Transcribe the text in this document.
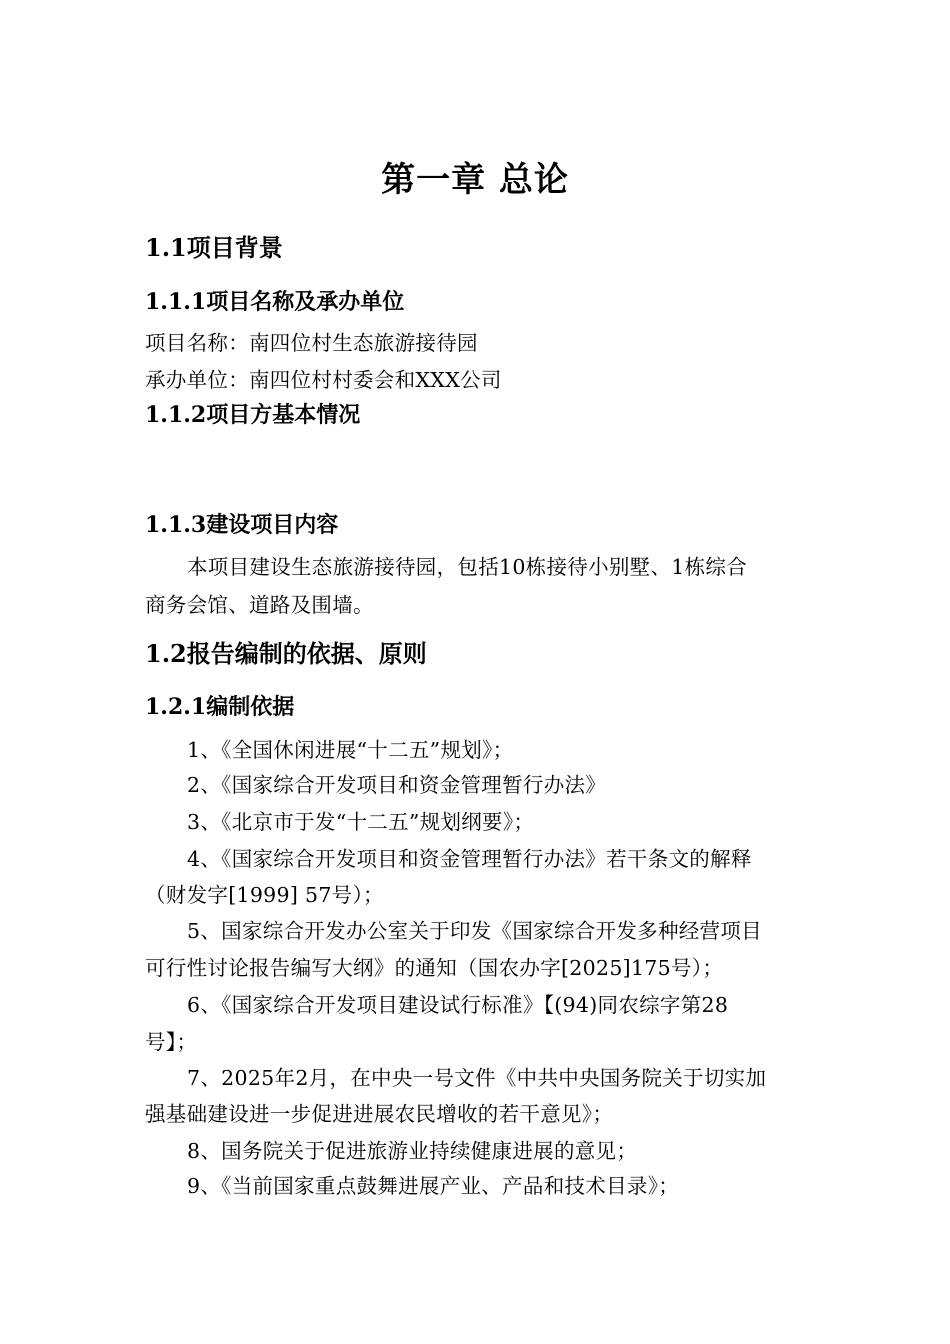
第一章 总论
1.1项目背景
1.1.1项目名称及承办单位
项目名称：南四位村生态旅游接待园
承办单位：南四位村村委会和XXX公司
1.1.2项目方基本情况
1.1.3建设项目内容
本项目建设生态旅游接待园，包括10栋接待小别墅、1栋综合
商务会馆、道路及围墙。
1.2报告编制的依据、原则
1.2.1编制依据
1、《全国休闲进展“十二五”规划》；
2、《国家综合开发项目和资金管理暂行办法》
3、《北京市于发“十二五”规划纲要》；
4、《国家综合开发项目和资金管理暂行办法》若干条文的解释
（财发字[1999] 57号）；
5、国家综合开发办公室关于印发《国家综合开发多种经营项目
可行性讨论报告编写大纲》的通知（国农办字[2025]175号）；
6、《国家综合开发项目建设试行标准》【(94)同农综字第28
号】；
7、2025年2月，在中央一号文件《中共中央国务院关于切实加
强基础建设进一步促进进展农民增收的若干意见》；
8、国务院关于促进旅游业持续健康进展的意见；
9、《当前国家重点鼓舞进展产业、产品和技术目录》；
